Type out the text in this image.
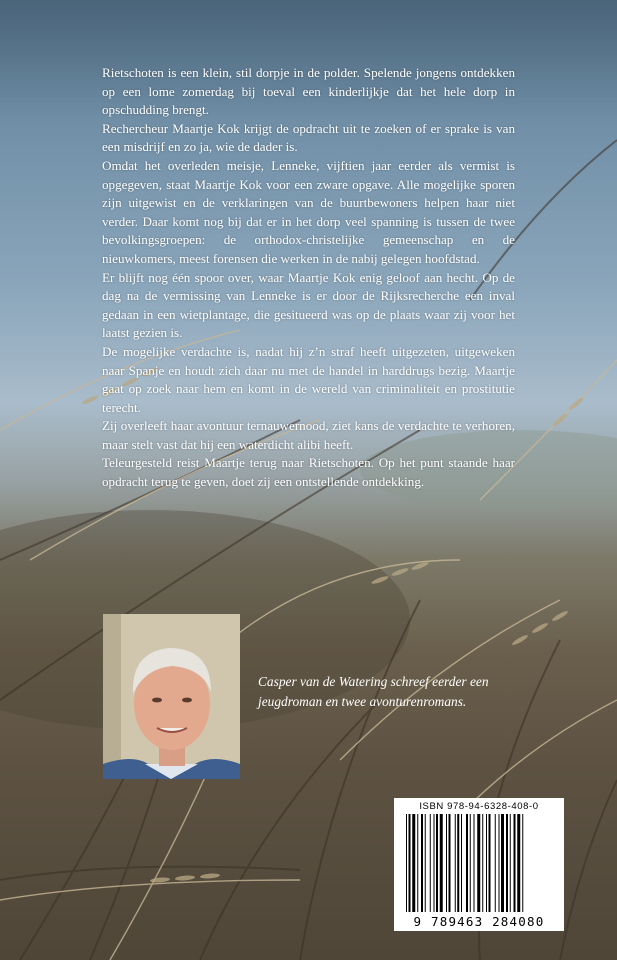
Rietschoten is een klein, stil dorpje in de polder. Spelende jongens ontdekken op een lome zomerdag bij toeval een kinderlijkje dat het hele dorp in opschudding brengt.

Rechercheur Maartje Kok krijgt de opdracht uit te zoeken of er sprake is van een misdrijf en zo ja, wie de dader is.

Omdat het overleden meisje, Lenneke, vijftien jaar eerder als vermist is opgegeven, staat Maartje Kok voor een zware opgave. Alle mogelijke sporen zijn uitgewist en de verklaringen van de buurtbewoners helpen haar niet verder. Daar komt nog bij dat er in het dorp veel spanning is tussen de twee bevolkingsgroepen: de orthodox-christelijke gemeenschap en de nieuwkomers, meest forensen die werken in de nabij gelegen hoofdstad.

Er blijft nog één spoor over, waar Maartje Kok enig geloof aan hecht. Op de dag na de vermissing van Lenneke is er door de Rijksrecherche een inval gedaan in een wietplantage, die gesitueerd was op de plaats waar zij voor het laatst gezien is.

De mogelijke verdachte is, nadat hij z’n straf heeft uitgezeten, uitgeweken naar Spanje en houdt zich daar nu met de handel in harddrugs bezig. Maartje gaat op zoek naar hem en komt in de wereld van criminaliteit en prostitutie terecht.

Zij overleeft haar avontuur ternauwernood, ziet kans de verdachte te verhoren, maar stelt vast dat hij een waterdicht alibi heeft.

Teleurgesteld reist Maartje terug naar Rietschoten. Op het punt staande haar opdracht terug te geven, doet zij een ontstellende ontdekking.

Casper van de Watering schreef eerder een jeugdroman en twee avonturenromans.
ISBN 978-94-6328-408-0
9 789463 284080
